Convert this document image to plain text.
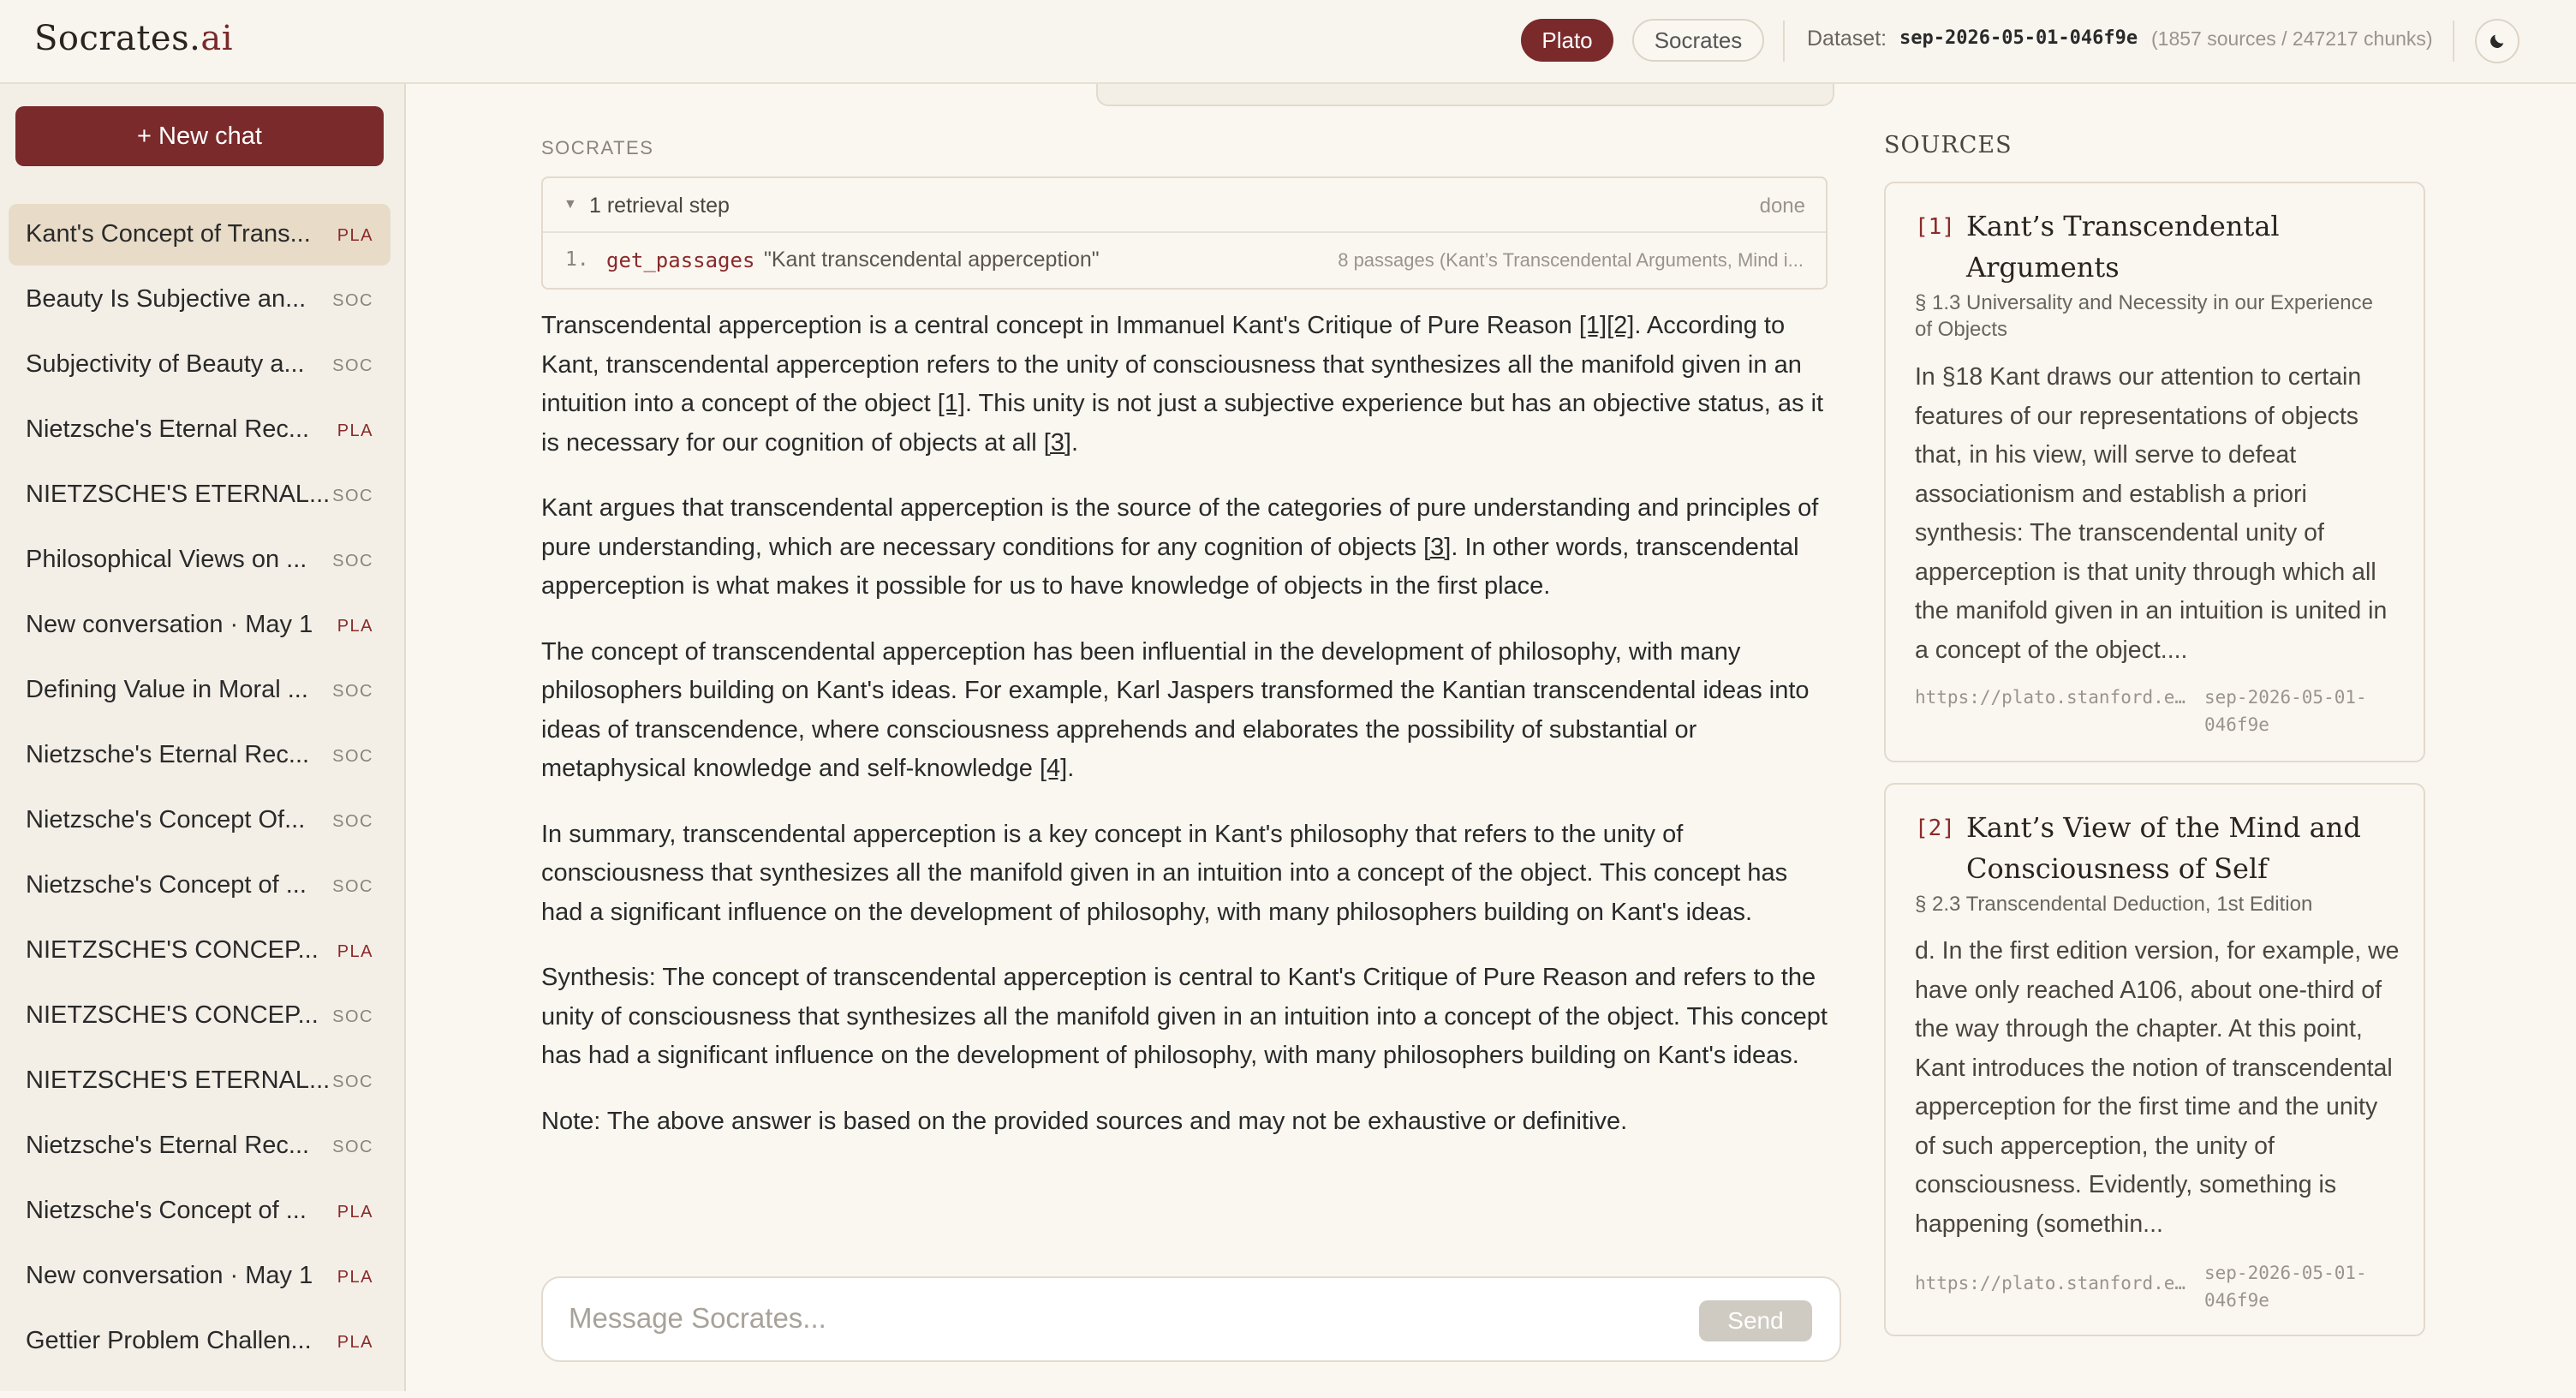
Socrates.ai	Plato	Socrates	Dataset: sep-2026-05-01-046f9e (1857 sources / 247217 chunks)
+ New chat
Kant's Concept of Trans...	PLA
Beauty Is Subjective an...	SOC
Subjectivity of Beauty a...	SOC
Nietzsche's Eternal Rec...	PLA
NIETZSCHE'S ETERNAL... SOC
Philosophical Views on ...	SOC
New conversation · May 1	PLA
Defining Value in Moral ...	SOC
Nietzsche's Eternal Rec...	SOC
Nietzsche's Concept Of...	SOC
Nietzsche's Concept of ...	SOC
NIETZSCHE'S CONCEP...	PLA
NIETZSCHE'S CONCEP... SOC
NIETZSCHE'S ETERNAL... SOC
Nietzsche's Eternal Rec...	SOC
Nietzsche's Concept of ...	PLA
New conversation · May 1	PLA
Gettier Problem Challen...	PLA
SOCRATES
▼ 1 retrieval step	done
1. get_passages "Kant transcendental apperception"	8 passages (Kant’s Transcendental Arguments, Mind i...

Transcendental apperception is a central concept in Immanuel Kant's Critique of Pure Reason [1][2]. According to Kant, transcendental apperception refers to the unity of consciousness that synthesizes all the manifold given in an intuition into a concept of the object [1]. This unity is not just a subjective experience but has an objective status, as it is necessary for our cognition of objects at all [3].

Kant argues that transcendental apperception is the source of the categories of pure understanding and principles of pure understanding, which are necessary conditions for any cognition of objects [3]. In other words, transcendental apperception is what makes it possible for us to have knowledge of objects in the first place.

The concept of transcendental apperception has been influential in the development of philosophy, with many philosophers building on Kant's ideas. For example, Karl Jaspers transformed the Kantian transcendental ideas into ideas of transcendence, where consciousness apprehends and elaborates the possibility of substantial or metaphysical knowledge and self-knowledge [4].

In summary, transcendental apperception is a key concept in Kant's philosophy that refers to the unity of consciousness that synthesizes all the manifold given in an intuition into a concept of the object. This concept has had a significant influence on the development of philosophy, with many philosophers building on Kant's ideas.

Synthesis: The concept of transcendental apperception is central to Kant's Critique of Pure Reason and refers to the unity of consciousness that synthesizes all the manifold given in an intuition into a concept of the object. This concept has had a significant influence on the development of philosophy, with many philosophers building on Kant's ideas.

Note: The above answer is based on the provided sources and may not be exhaustive or definitive.

Message Socrates...	Send
SOURCES
[1] Kant’s Transcendental Arguments
§ 1.3 Universality and Necessity in our Experience of Objects
In §18 Kant draws our attention to certain features of our representations of objects that, in his view, will serve to defeat associationism and establish a priori synthesis: The transcendental unity of apperception is that unity through which all the manifold given in an intuition is united in a concept of the object....
https://plato.stanford.e…	sep-2026-05-01-046f9e
[2] Kant’s View of the Mind and Consciousness of Self
§ 2.3 Transcendental Deduction, 1st Edition
d. In the first edition version, for example, we have only reached A106, about one-third of the way through the chapter. At this point, Kant introduces the notion of transcendental apperception for the first time and the unity of such apperception, the unity of consciousness. Evidently, something is happening (somethin...
https://plato.stanford.e…	sep-2026-05-01-046f9e
